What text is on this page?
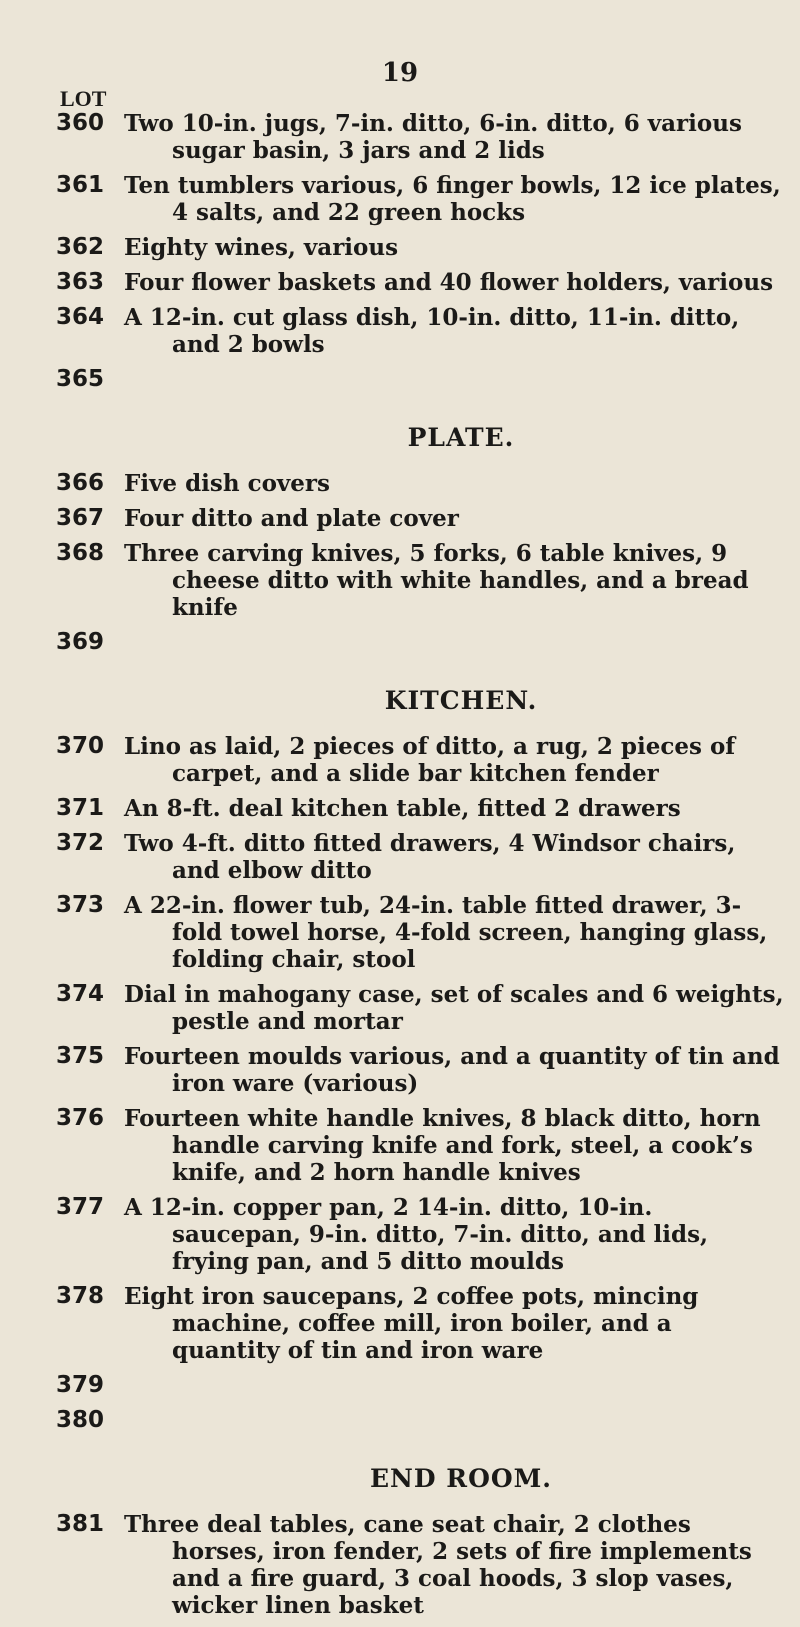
19
LOT
360 Two 10-in. jugs, 7-in. ditto, 6-in. ditto, 6 various sugar basin, 3 jars and 2 lids
361 Ten tumblers various, 6 finger bowls, 12 ice plates, 4 salts, and 22 green hocks
362 Eighty wines, various
363 Four flower baskets and 40 flower holders, various
364 A 12-in. cut glass dish, 10-in. ditto, 11-in. ditto, and 2 bowls
365
PLATE.
366 Five dish covers
367 Four ditto and plate cover
368 Three carving knives, 5 forks, 6 table knives, 9 cheese ditto with white handles, and a bread knife
369
KITCHEN.
370 Lino as laid, 2 pieces of ditto, a rug, 2 pieces of carpet, and a slide bar kitchen fender
371 An 8-ft. deal kitchen table, fitted 2 drawers
372 Two 4-ft. ditto fitted drawers, 4 Windsor chairs, and elbow ditto
373 A 22-in. flower tub, 24-in. table fitted drawer, 3-fold towel horse, 4-fold screen, hanging glass, folding chair, stool
374 Dial in mahogany case, set of scales and 6 weights, pestle and mortar
375 Fourteen moulds various, and a quantity of tin and iron ware (various)
376 Fourteen white handle knives, 8 black ditto, horn handle carving knife and fork, steel, a cook’s knife, and 2 horn handle knives
377 A 12-in. copper pan, 2 14-in. ditto, 10-in. saucepan, 9-in. ditto, 7-in. ditto, and lids, frying pan, and 5 ditto moulds
378 Eight iron saucepans, 2 coffee pots, mincing machine, coffee mill, iron boiler, and a quantity of tin and iron ware
379
380
END ROOM.
381 Three deal tables, cane seat chair, 2 clothes horses, iron fender, 2 sets of fire implements and a fire guard, 3 coal hoods, 3 slop vases, wicker linen basket
